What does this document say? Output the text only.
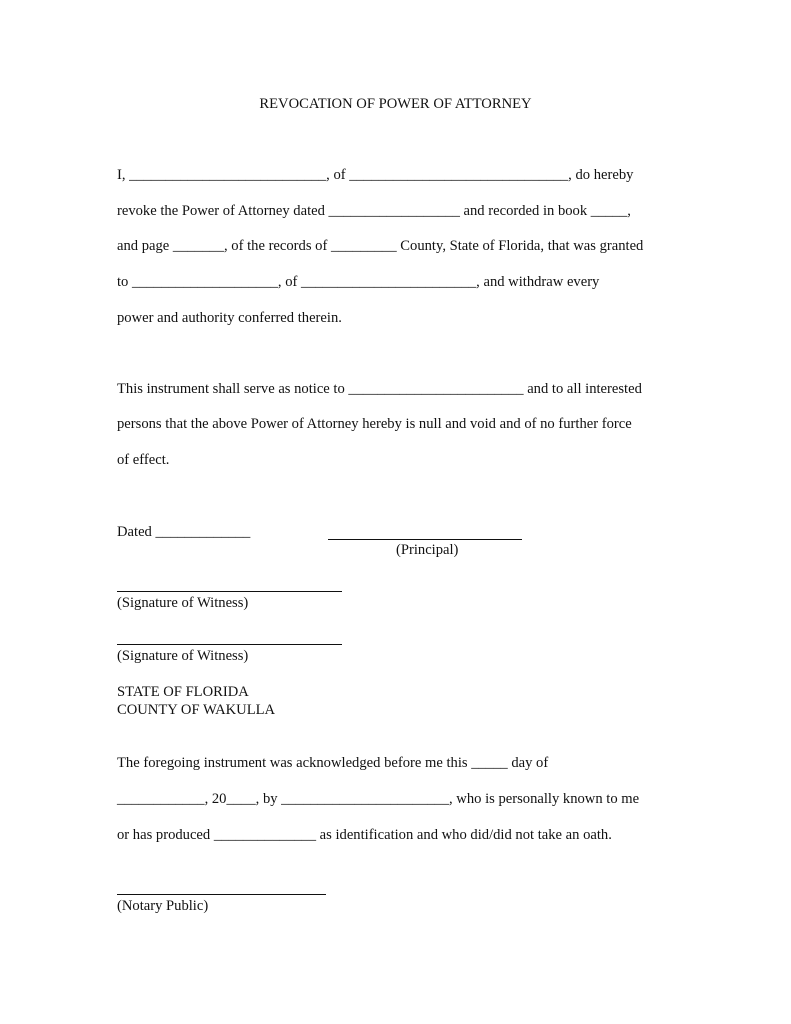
REVOCATION OF POWER OF ATTORNEY
I, ___________________________, of ______________________________, do hereby
revoke the Power of Attorney dated __________________ and recorded in book _____,
and page _______, of the records of _________ County, State of Florida, that was granted
to ____________________, of ________________________, and withdraw every
power and authority conferred therein.
This instrument shall serve as notice to ________________________ and to all interested
persons that the above Power of Attorney hereby is null and void and of no further force
of effect.
Dated _____________
(Principal)
(Signature of Witness)
(Signature of Witness)
STATE OF FLORIDA
COUNTY OF WAKULLA
The foregoing instrument was acknowledged before me this _____ day of
____________, 20____, by _______________________, who is personally known to me
or has produced ______________ as identification and who did/did not take an oath.
(Notary Public)
